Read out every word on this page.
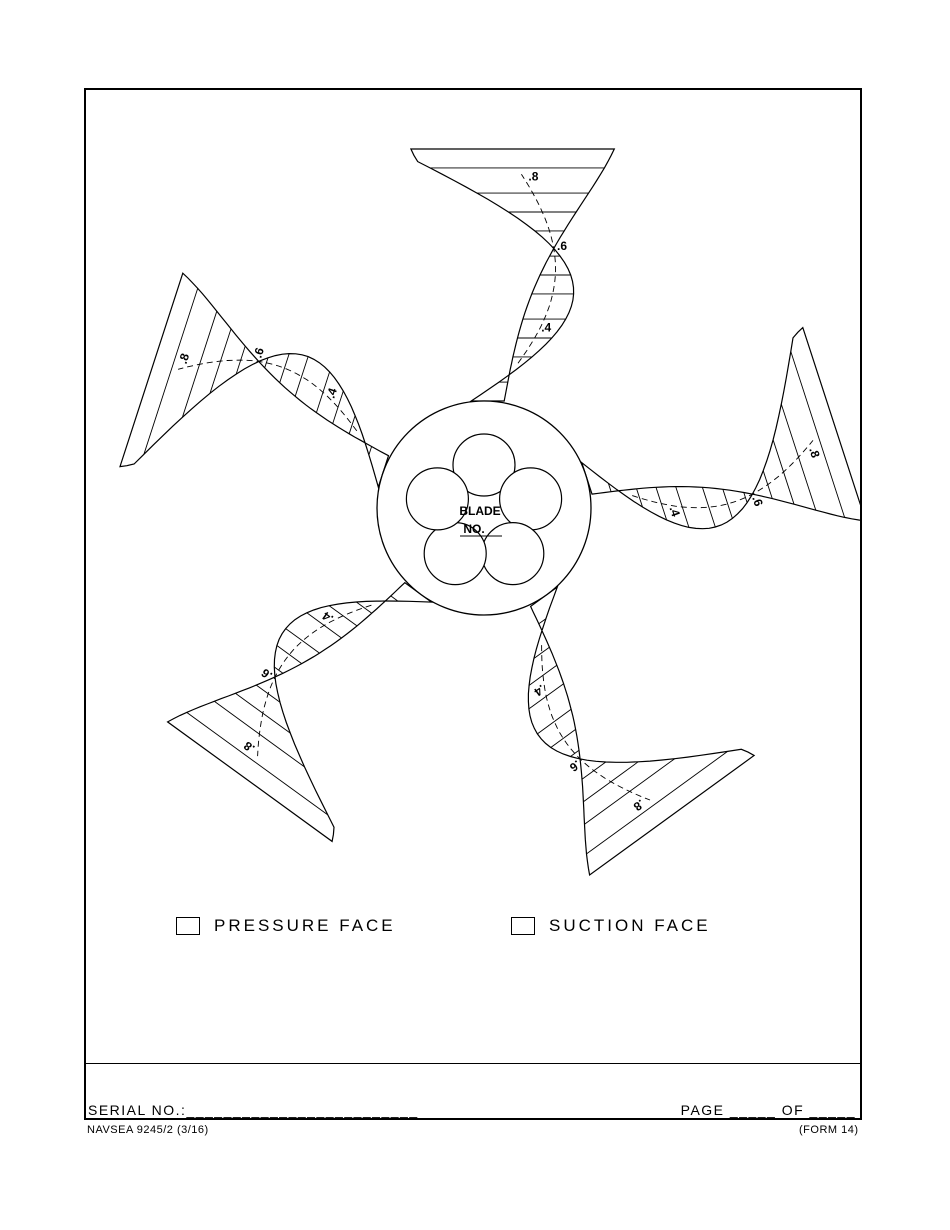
.4
.6
.8
.4
.6
.8
.4
.6
.8
.4
.6
.8
.4
.6
.8
BLADE
NO.
PRESSURE FACE	SUCTION FACE
SERIAL NO.:_________________________	PAGE _____ OF _____
NAVSEA 9245/2 (3/16)	(FORM 14)
